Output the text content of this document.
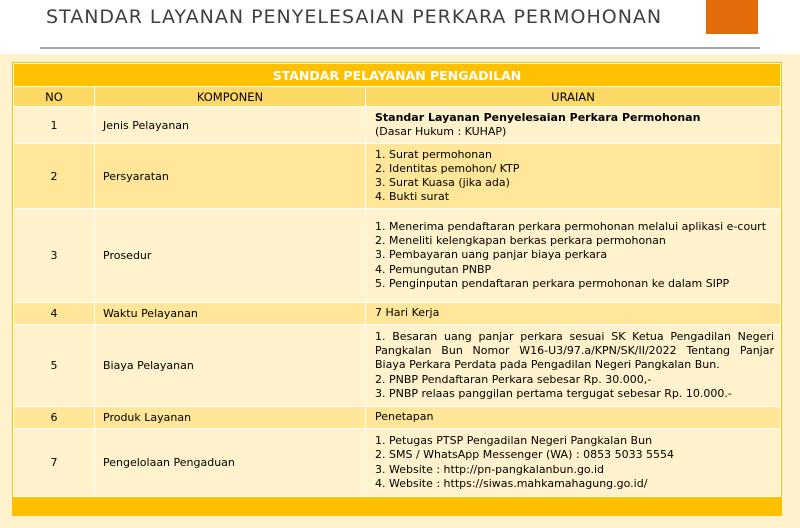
STANDAR LAYANAN PENYELESAIAN PERKARA PERMOHONAN
STANDAR PELAYANAN PENGADILAN		
NO	KOMPONEN	URAIAN
1	Jenis Pelayanan	Standar Layanan Penyelesaian Perkara Permohonan
(Dasar Hukum : KUHAP)

2	Persyaratan	1. Surat permohonan
2. Identitas pemohon/ KTP
3. Surat Kuasa (jika ada)
4. Bukti surat

3	Prosedur	1. Menerima pendaftaran perkara permohonan melalui aplikasi e-court
2. Meneliti kelengkapan berkas perkara permohonan
3. Pembayaran uang panjar biaya perkara
4. Pemungutan PNBP
5. Penginputan pendaftaran perkara permohonan ke dalam SIPP

4	Waktu Pelayanan	7 Hari Kerja

5	Biaya Pelayanan	1. Besaran uang panjar perkara sesuai SK Ketua Pengadilan Negeri Pangkalan Bun Nomor W16-U3/97.a/KPN/SK/II/2022 Tentang Panjar Biaya Perkara Perdata pada Pengadilan Negeri Pangkalan Bun.
2. PNBP Pendaftaran Perkara sebesar Rp. 30.000,-
3. PNBP relaas panggilan pertama tergugat sebesar Rp. 10.000.-

6	Produk Layanan	Penetapan

7	Pengelolaan Pengaduan	1. Petugas PTSP Pengadilan Negeri Pangkalan Bun
2. SMS / WhatsApp Messenger (WA) : 0853 5033 5554
3. Website : http://pn-pangkalanbun.go.id
4. Website : https://siwas.mahkamahagung.go.id/
